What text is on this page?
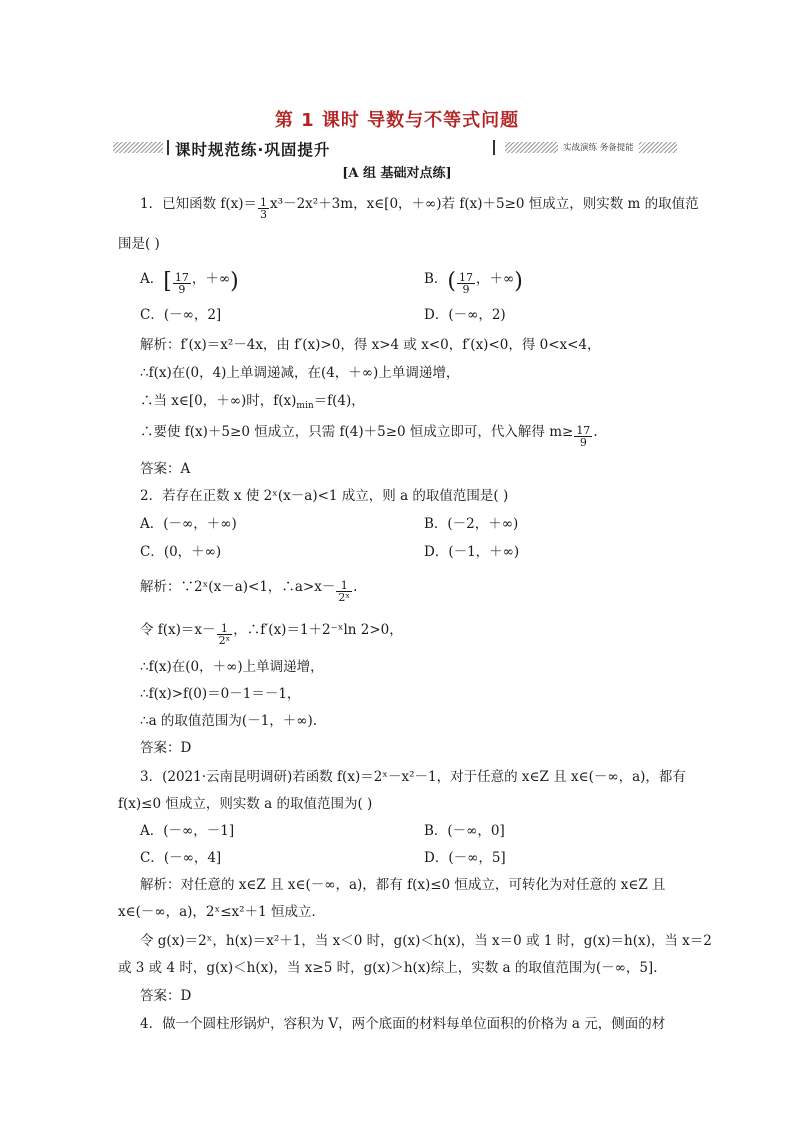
第 1 课时 导数与不等式问题
课时规范练·巩固提升	实战演练 务备提能
[A 组 基础对点练]
1．已知函数 $f(x)= \frac{1}{3} x^3-2x^2+3m$，x∈[0，＋∞)若 f(x)＋5≥0 恒成立，则实数 m 的取值范
围是( )
A．[ $\frac{17}{9}$ ，＋∞)	B．( $\frac{17}{9}$ ，＋∞)
C．(－∞，2]	D．(－∞，2)
解析：f′(x)＝x²－4x，由 f′(x)>0，得 x>4 或 x<0，f′(x)<0，得 0<x<4，
∴f(x)在(0，4)上单调递减，在(4，＋∞)上单调递增，
∴当 x∈[0，＋∞)时，$f(x)_{min}=f(4)$，
∴要使 f(x)＋5≥0 恒成立，只需 f(4)＋5≥0 恒成立即可，代入解得 $m\ge \frac{17}{9}$ .
答案：A
2．若存在正数 x 使 2ˣ(x－a)<1 成立，则 a 的取值范围是( )
A．(－∞，＋∞)	B．(－2，＋∞)
C．(0，＋∞)	D．(－1，＋∞)
解析：∵2ˣ(x－a)<1，∴a>x－ $\frac{1}{\text{2ˣ}}$ .
令 $f(x)=x- \frac{1}{\text{2ˣ}}$ ，∴f′(x)＝1＋2⁻ˣln 2>0，
∴f(x)在(0，＋∞)上单调递增，
∴f(x)>f(0)＝0－1＝－1，
∴a 的取值范围为(－1，＋∞).
答案：D
3．(2021·云南昆明调研)若函数 f(x)＝2ˣ－x²－1，对于任意的 x∈Z 且 x∈(－∞，a)，都有
f(x)≤0 恒成立，则实数 a 的取值范围为( )
A．(－∞，－1]	B．(－∞，0]
C．(－∞，4]	D．(－∞，5]
解析：对任意的 x∈Z 且 x∈(－∞，a)，都有 f(x)≤0 恒成立，可转化为对任意的 x∈Z 且
x∈(－∞，a)，2ˣ≤x²＋1 恒成立．
令 g(x)＝2ˣ，h(x)＝x²＋1，当 x＜0 时，g(x)＜h(x)，当 x＝0 或 1 时，g(x)＝h(x)，当 x＝2
或 3 或 4 时，g(x)＜h(x)，当 x≥5 时，g(x)＞h(x)综上，实数 a 的取值范围为(－∞，5].
答案：D
4．做一个圆柱形锅炉，容积为 V，两个底面的材料每单位面积的价格为 a 元，侧面的材
